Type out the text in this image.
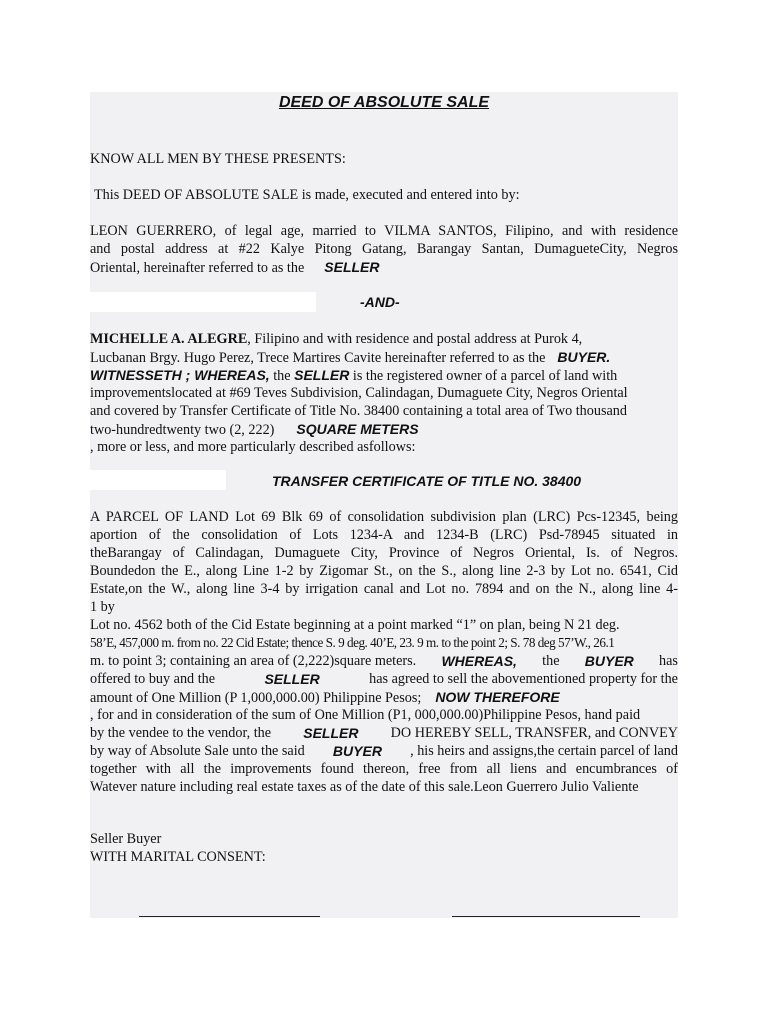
DEED OF ABSOLUTE SALE
KNOW ALL MEN BY THESE PRESENTS:
This DEED OF ABSOLUTE SALE is made, executed and entered into by:
LEON GUERRERO, of legal age, married to VILMA SANTOS, Filipino, and with residence
and postal address at #22 Kalye Pitong Gatang, Barangay Santan, DumagueteCity, Negros
Oriental, hereinafter referred to as the SELLER
-AND-
MICHELLE A. ALEGRE, Filipino and with residence and postal address at Purok 4,
Lucbanan Brgy. Hugo Perez, Trece Martires Cavite hereinafter referred to as the BUYER.
WITNESSETH ; WHEREAS, the SELLER is the registered owner of a parcel of land with
improvementslocated at #69 Teves Subdivision, Calindagan, Dumaguete City, Negros Oriental
and covered by Transfer Certificate of Title No. 38400 containing a total area of Two thousand
two-hundredtwenty two (2, 222) SQUARE METERS
, more or less, and more particularly described asfollows:
TRANSFER CERTIFICATE OF TITLE NO. 38400
A PARCEL OF LAND Lot 69 Blk 69 of consolidation subdivision plan (LRC) Pcs-12345, being
aportion of the consolidation of Lots 1234-A and 1234-B (LRC) Psd-78945 situated in
theBarangay of Calindagan, Dumaguete City, Province of Negros Oriental, Is. of Negros.
Boundedon the E., along Line 1-2 by Zigomar St., on the S., along line 2-3 by Lot no. 6541, Cid
Estate,on the W., along line 3-4 by irrigation canal and Lot no. 7894 and on the N., along line 4-
1 by
Lot no. 4562 both of the Cid Estate beginning at a point marked “1” on plan, being N 21 deg.
58’E, 457,000 m. from no. 22 Cid Estate; thence S. 9 deg. 40’E, 23. 9 m. to the point 2; S. 78 deg 57’W., 26.1
m. to point 3; containing an area of (2,222)square meters. WHEREAS, the BUYER has
offered to buy and the	SELLER	has agreed to sell the abovementioned property for the
amount of One Million (P 1,000,000.00) Philippine Pesos; NOW THEREFORE
, for and in consideration of the sum of One Million (P1, 000,000.00)Philippine Pesos, hand paid
by the vendee to the vendor, the SELLER DO HEREBY SELL, TRANSFER, and CONVEY
by way of Absolute Sale unto the said BUYER , his heirs and assigns,the certain parcel of land
together with all the improvements found thereon, free from all liens and encumbrances of
Watever nature including real estate taxes as of the date of this sale.Leon Guerrero Julio Valiente
Seller Buyer
WITH MARITAL CONSENT:
